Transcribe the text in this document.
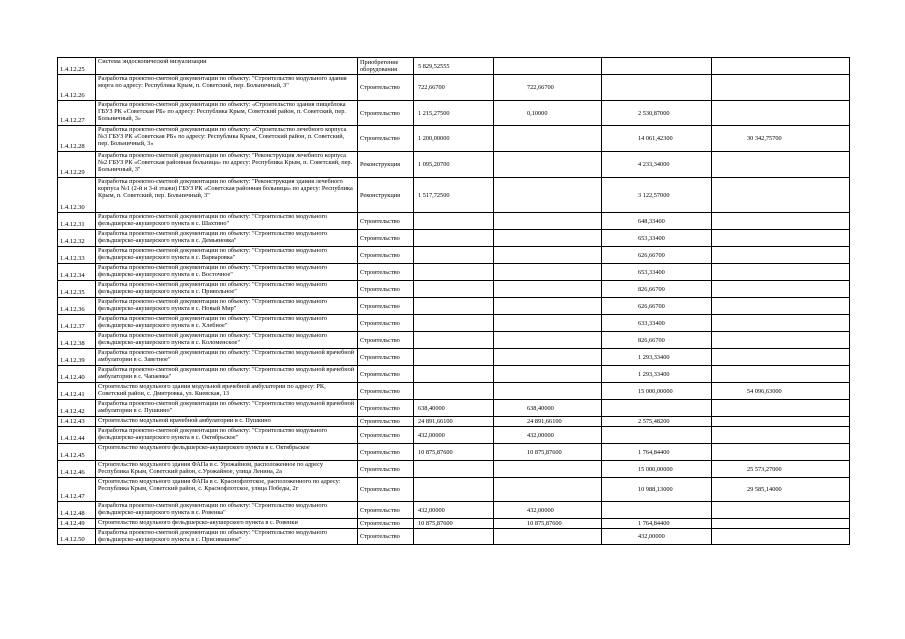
1.4.12.25	Система эндоскопической визуализации	Приобретение оборудования	5 829,52555			
1.4.12.26	Разработка проектно-сметной документации по объекту: "Строительство модульного здания морга по адресу: Республика Крым, п. Советский, пер. Больничный, 3"	Строительство	722,66700	722,66700		
1.4.12.27	Разработка проектно-сметной документации по объекту: «Строительство здания пищеблока ГБУЗ РК «Советская РБ» по адресу: Республика Крым, Советский район, п. Советский, пер. Больничный, 3»	Строительство	1 215,27500	0,10000	2 530,87000	
1.4.12.28	Разработка проектно-сметной документации по объекту: «Строительство лечебного корпуса №3 ГБУЗ РК «Советская РБ» по адресу: Республика Крым, Советский район, п. Советский, пер. Больничный, 3»	Строительство	1 200,00000		14 061,42300	30 342,75700
1.4.12.29	Разработка проектно-сметной документации по объекту: "Реконструкция лечебного корпуса №2 ГБУЗ РК «Советская районная больница» по адресу: Республика Крым, п. Советский, пер. Больничный, 3"	Реконструкция	1 095,20700		4 233,34000	
1.4.12.30	Разработка проектно-сметной документации по объекту: "Реконструкция здания лечебного корпуса №1 (2-й и 3-й этажи) ГБУЗ РК «Советская районная больница» по адресу: Республика Крым, п. Советский, пер. Больничный, 3"	Реконструкция	1 517,72500		3 122,57000	
1.4.12.31	Разработка проектно-сметной документации по объекту: "Строительство модульного фельдшерско-акушерского пункта в с. Шахтино"	Строительство			648,33400	
1.4.12.32	Разработка проектно-сметной документации по объекту: "Строительство модульного фельдшерско-акушерского пункта в с. Демьяновка"	Строительство			653,33400	
1.4.12.33	Разработка проектно-сметной документации по объекту: "Строительство модульного фельдшерско-акушерского пункта в с. Варваровка"	Строительство			626,66700	
1.4.12.34	Разработка проектно-сметной документации по объекту: "Строительство модульного фельдшерско-акушерского пункта в с. Восточное"	Строительство			653,33400	
1.4.12.35	Разработка проектно-сметной документации по объекту: "Строительство модульного фельдшерско-акушерского пункта в с. Привольное"	Строительство			826,66700	
1.4.12.36	Разработка проектно-сметной документации по объекту: "Строительство модульного фельдшерско-акушерского пункта в с. Новый Мир"	Строительство			626,66700	
1.4.12.37	Разработка проектно-сметной документации по объекту: "Строительство модульного фельдшерско-акушерского пункта в с. Хлебное"	Строительство			633,33400	
1.4.12.38	Разработка проектно-сметной документации по объекту: "Строительство модульного фельдшерско-акушерского пункта в с. Кoлoмeнскoe"	Строительство			826,66700	
1.4.12.39	Разработка проектно-сметной документации по объекту: "Строительство модульной врачебной амбулатории в с. Заветное"	Строительство			1 293,33400	
1.4.12.40	Разработка проектно-сметной документации по объекту: "Строительство модульной врачебной амбулатории в с. Чапаевка"	Строительство			1 293,33400	
1.4.12.41	Строительство модульного здания модульной врачебной амбулатории по адресу: РК, Советский район, с. Дмитровка, ул. Киевская, 13	Строительство			15 000,00000	54 096,63000
1.4.12.42	Разработка проектно-сметной документации по объекту: "Строительство модульной врачебной амбулатории в с. Пушкино"	Строительство	638,40000	638,40000		
1.4.12.43	Строительство модульной врачебной амбулатории в с. Пушкино	Строительство	24 891,66100	24 891,66100	2 575,48200	
1.4.12.44	Разработка проектно-сметной документации по объекту: "Строительство модульного фельдшерско-акушерского пункта в с. Октябрьское"	Строительство	432,00000	432,00000		
1.4.12.45	Строительство модульного фельдшерско-акушерского пункта в с. Октябрьское	Строительство	10 875,87600	10 875,87600	1 764,84400	
1.4.12.46	Строительство модульного здания ФАПа в с. Урожайном, расположенное по адресу Республика Крым, Советский район, с.Урожайное, улица Ленина, 2а	Строительство			15 000,00000	25 573,27000
1.4.12.47	Строительство модульного здания ФАПа в с. Краснофлотское, расположенного по адресу: Республика Крым, Советский район, с. Краснофлотское, улица Победы, 2г	Строительство			10 988,13000	29 585,14000
1.4.12.48	Разработка проектно-сметной документации по объекту: "Строительство модульного фельдшерско-акушерского пункта в с. Ровенка"	Строительство	432,00000	432,00000		
1.4.12.49	Строительство модульного фельдшерско-акушерского пункта в с. Ровенки	Строительство	10 875,87600	10 875,87600	1 764,84400	
1.4.12.50	Разработка проектно-сметной документации по объекту: "Строительство модульного фельдшерско-акушерского пункта в с. Присивашное"	Строительство			432,00000	
